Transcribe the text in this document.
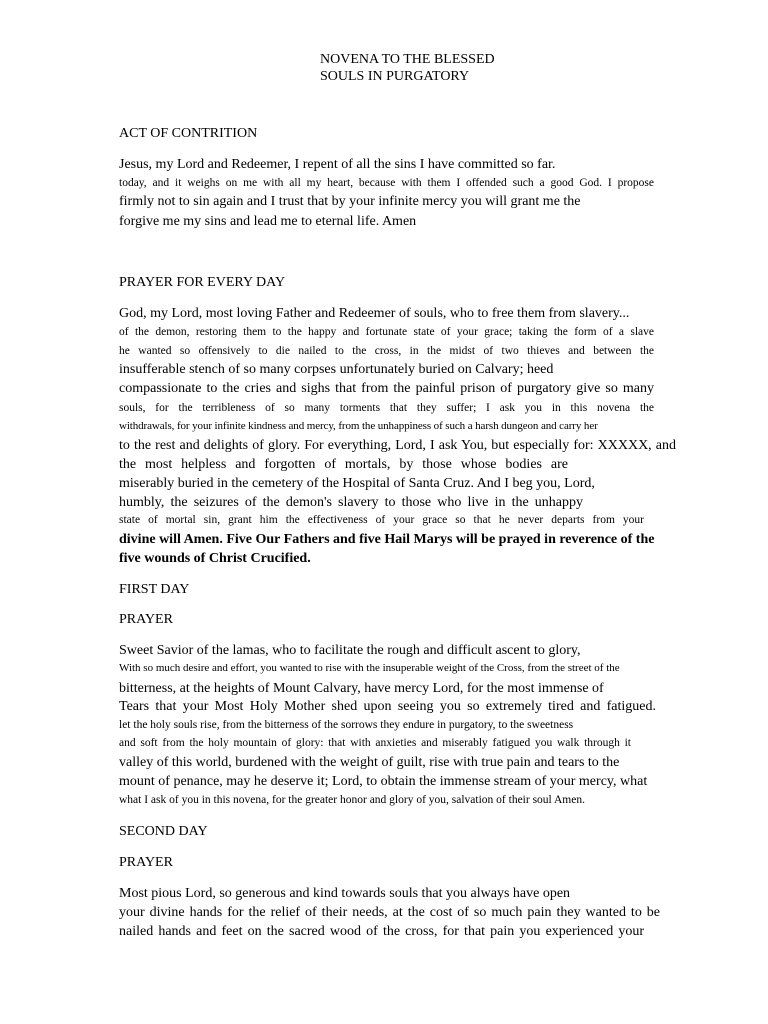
NOVENA TO THE BLESSED
SOULS IN PURGATORY
ACT OF CONTRITION
Jesus, my Lord and Redeemer, I repent of all the sins I have committed so far.
today, and it weighs on me with all my heart, because with them I offended such a good God. I propose
firmly not to sin again and I trust that by your infinite mercy you will grant me the
forgive me my sins and lead me to eternal life. Amen
PRAYER FOR EVERY DAY
God, my Lord, most loving Father and Redeemer of souls, who to free them from slavery...
of the demon, restoring them to the happy and fortunate state of your grace; taking the form of a slave
he wanted so offensively to die nailed to the cross, in the midst of two thieves and between the
insufferable stench of so many corpses unfortunately buried on Calvary; heed
compassionate to the cries and sighs that from the painful prison of purgatory give so many
souls, for the terribleness of so many torments that they suffer; I ask you in this novena the
withdrawals, for your infinite kindness and mercy, from the unhappiness of such a harsh dungeon and carry her
to the rest and delights of glory. For everything, Lord, I ask You, but especially for: XXXXX, and
the most helpless and forgotten of mortals, by those whose bodies are
miserably buried in the cemetery of the Hospital of Santa Cruz. And I beg you, Lord,
humbly, the seizures of the demon's slavery to those who live in the unhappy
state of mortal sin, grant him the effectiveness of your grace so that he never departs from your
divine will Amen. Five Our Fathers and five Hail Marys will be prayed in reverence of the
five wounds of Christ Crucified.
FIRST DAY
PRAYER
Sweet Savior of the lamas, who to facilitate the rough and difficult ascent to glory,
With so much desire and effort, you wanted to rise with the insuperable weight of the Cross, from the street of the
bitterness, at the heights of Mount Calvary, have mercy Lord, for the most immense of
Tears that your Most Holy Mother shed upon seeing you so extremely tired and fatigued.
let the holy souls rise, from the bitterness of the sorrows they endure in purgatory, to the sweetness
and soft from the holy mountain of glory: that with anxieties and miserably fatigued you walk through it
valley of this world, burdened with the weight of guilt, rise with true pain and tears to the
mount of penance, may he deserve it; Lord, to obtain the immense stream of your mercy, what
what I ask of you in this novena, for the greater honor and glory of you, salvation of their soul Amen.
SECOND DAY
PRAYER
Most pious Lord, so generous and kind towards souls that you always have open
your divine hands for the relief of their needs, at the cost of so much pain they wanted to be
nailed hands and feet on the sacred wood of the cross, for that pain you experienced your
